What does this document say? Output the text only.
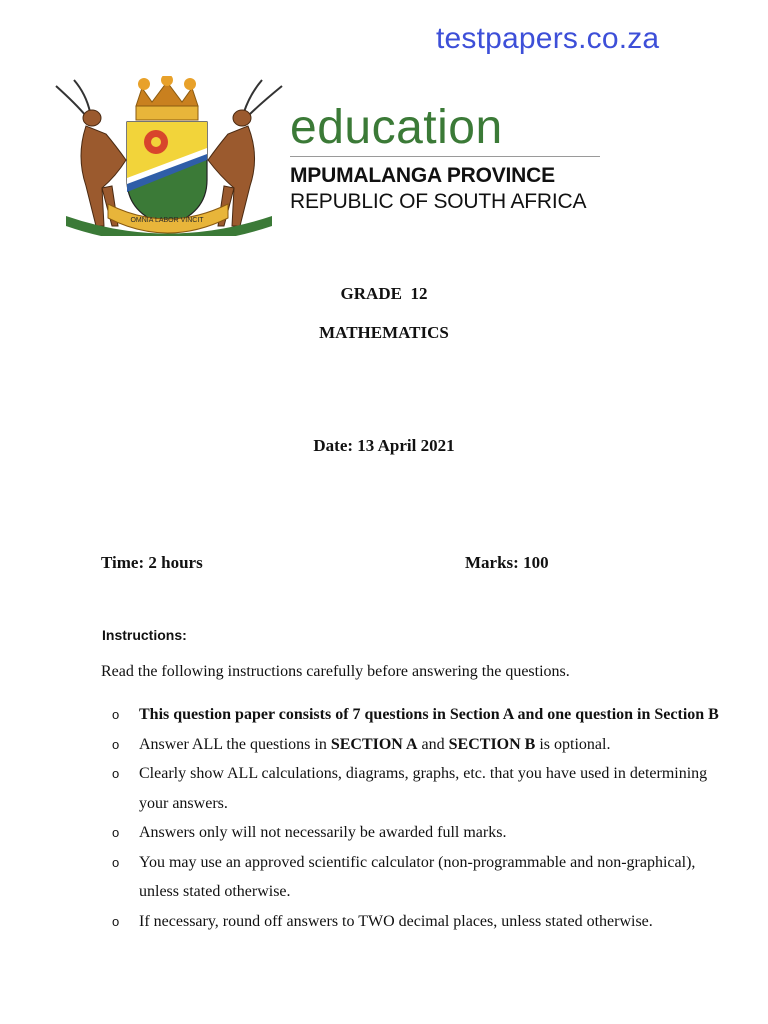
testpapers.co.za
OMNIA LABOR VINCIT
education
MPUMALANGA PROVINCE
REPUBLIC OF SOUTH AFRICA
GRADE  12
MATHEMATICS
Date: 13 April 2021
Time: 2 hours	Marks: 100
Instructions:
Read the following instructions carefully before answering the questions.
o This question paper consists of 7 questions in Section A and one question in Section B
o Answer ALL the questions in SECTION A and SECTION B is optional.
o Clearly show ALL calculations, diagrams, graphs, etc. that you have used in determining your answers.
o Answers only will not necessarily be awarded full marks.
o You may use an approved scientific calculator (non-programmable and non-graphical), unless stated otherwise.
o If necessary, round off answers to TWO decimal places, unless stated otherwise.
